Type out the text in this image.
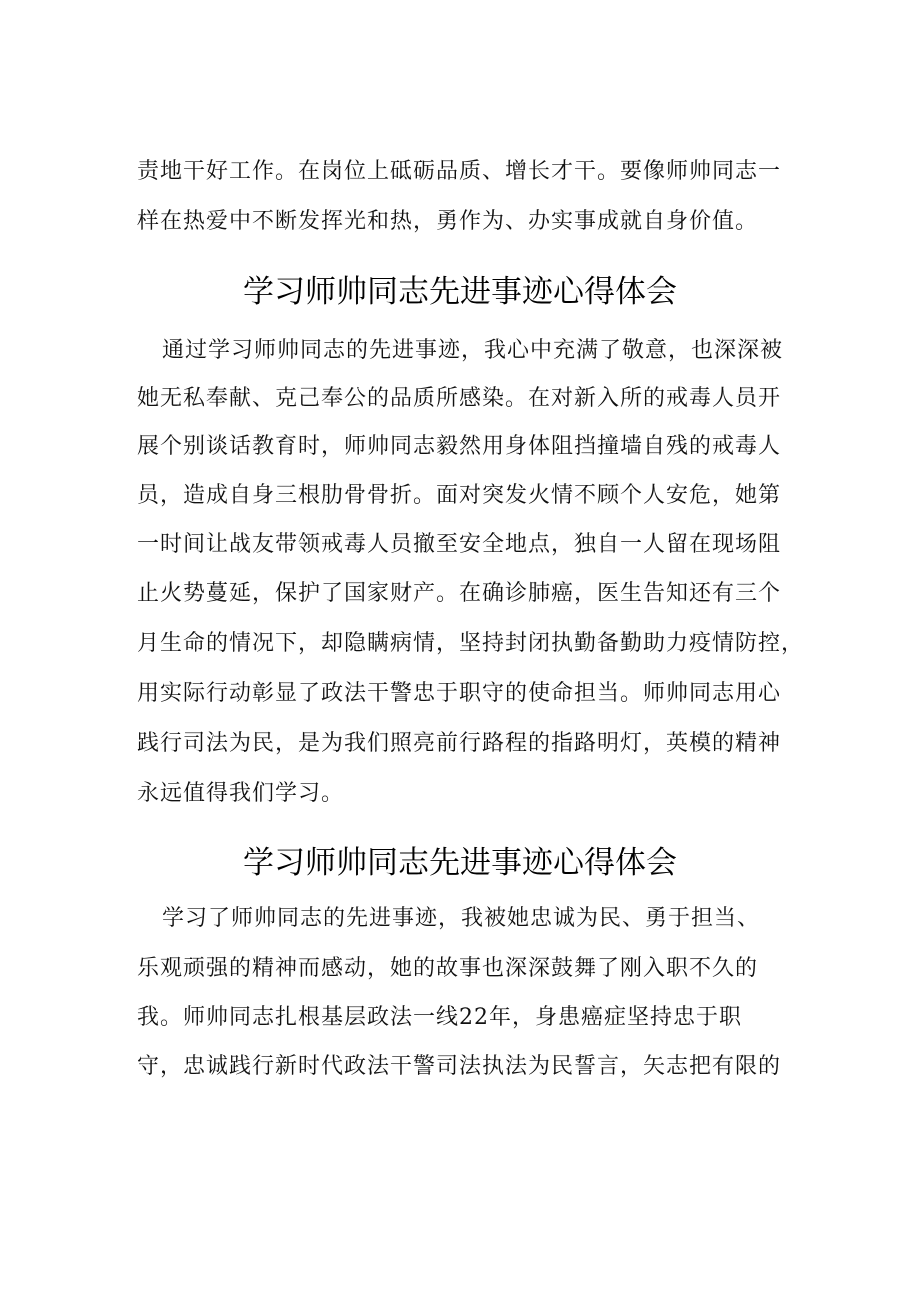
责地干好工作。在岗位上砥砺品质、增长才干。要像师帅同志一
样在热爱中不断发挥光和热，勇作为、办实事成就自身价值。
学习师帅同志先进事迹心得体会
通过学习师帅同志的先进事迹，我心中充满了敬意，也深深被
她无私奉献、克己奉公的品质所感染。在对新入所的戒毒人员开
展个别谈话教育时，师帅同志毅然用身体阻挡撞墙自残的戒毒人
员，造成自身三根肋骨骨折。面对突发火情不顾个人安危，她第
一时间让战友带领戒毒人员撤至安全地点，独自一人留在现场阻
止火势蔓延，保护了国家财产。在确诊肺癌，医生告知还有三个
月生命的情况下，却隐瞒病情，坚持封闭执勤备勤助力疫情防控，
用实际行动彰显了政法干警忠于职守的使命担当。师帅同志用心
践行司法为民，是为我们照亮前行路程的指路明灯，英模的精神
永远值得我们学习。
学习师帅同志先进事迹心得体会
学习了师帅同志的先进事迹，我被她忠诚为民、勇于担当、
乐观顽强的精神而感动，她的故事也深深鼓舞了刚入职不久的
我。师帅同志扎根基层政法一线22年，身患癌症坚持忠于职
守，忠诚践行新时代政法干警司法执法为民誓言，矢志把有限的
